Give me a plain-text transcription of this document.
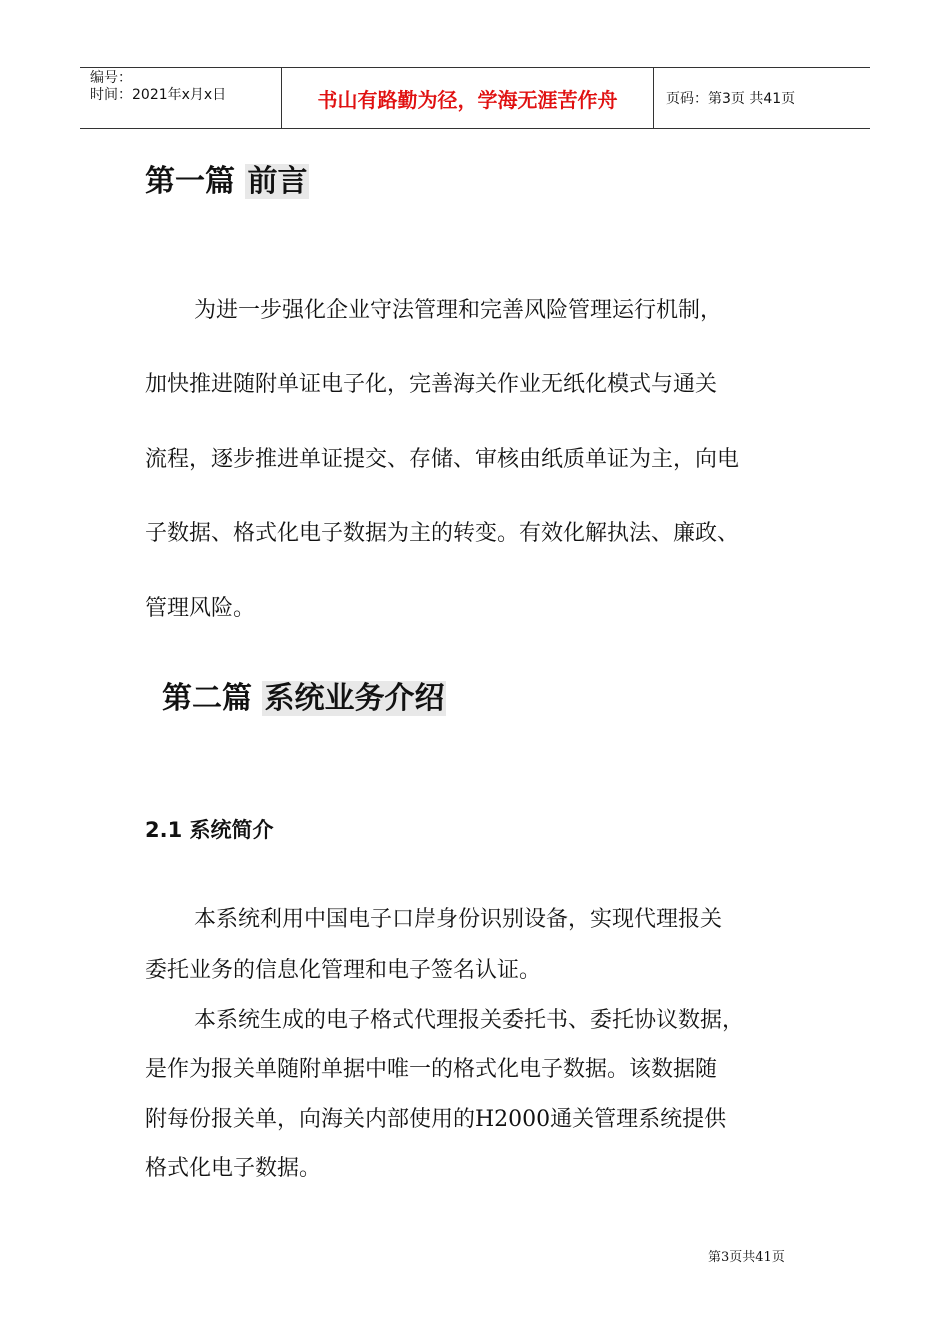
编号：
时间：2021年x月x日	书山有路勤为径，学海无涯苦作舟	页码：第3页 共41页
第一篇 前言
为进一步强化企业守法管理和完善风险管理运行机制，
加快推进随附单证电子化，完善海关作业无纸化模式与通关
流程，逐步推进单证提交、存储、审核由纸质单证为主，向电
子数据、格式化电子数据为主的转变。有效化解执法、廉政、
管理风险。
第二篇 系统业务介绍
2.1 系统简介
本系统利用中国电子口岸身份识别设备，实现代理报关
委托业务的信息化管理和电子签名认证。
本系统生成的电子格式代理报关委托书、委托协议数据，
是作为报关单随附单据中唯一的格式化电子数据。该数据随
附每份报关单，向海关内部使用的H2000通关管理系统提供
格式化电子数据。
第3页共41页
